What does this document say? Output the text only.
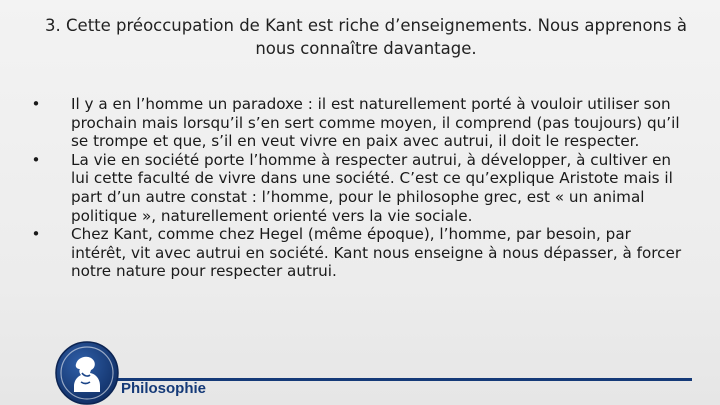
3. Cette préoccupation de Kant est riche d’enseignements. Nous apprenons à nous connaître davantage.
• Il y a en l’homme un paradoxe : il est naturellement porté à vouloir utiliser son prochain mais lorsqu’il s’en sert comme moyen, il comprend (pas toujours) qu’il se trompe et que, s’il en veut vivre en paix avec autrui, il doit le respecter.
• La vie en société porte l’homme à respecter autrui, à développer, à cultiver en lui cette faculté de vivre dans une société. C’est ce qu’explique Aristote mais il part d’un autre constat : l’homme, pour le philosophe grec, est « un animal politique », naturellement orienté vers la vie sociale.
• Chez Kant, comme chez Hegel (même époque), l’homme, par besoin, par intérêt, vit avec autrui en société. Kant nous enseigne à nous dépasser, à forcer notre nature pour respecter autrui.
Philosophie
